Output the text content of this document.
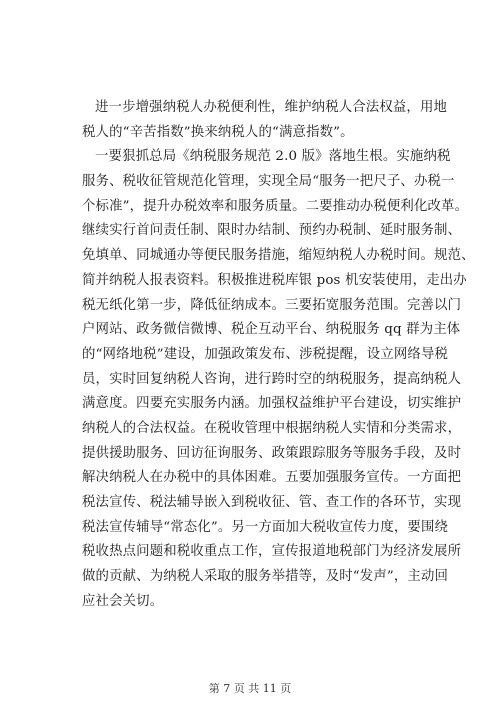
进一步增强纳税人办税便利性，维护纳税人合法权益，用地
税人的“辛苦指数”换来纳税人的“满意指数”。
一要狠抓总局《纳税服务规范 2.0 版》落地生根。实施纳税
服务、税收征管规范化管理，实现全局“服务一把尺子、办税一
个标准”，提升办税效率和服务质量。二要推动办税便利化改革。
继续实行首问责任制、限时办结制、预约办税制、延时服务制、
免填单、同城通办等便民服务措施，缩短纳税人办税时间。规范、
简并纳税人报表资料。积极推进税库银 pos 机安装使用，走出办
税无纸化第一步，降低征纳成本。三要拓宽服务范围。完善以门
户网站、政务微信微博、税企互动平台、纳税服务 qq 群为主体
的“网络地税”建设，加强政策发布、涉税提醒，设立网络导税
员，实时回复纳税人咨询，进行跨时空的纳税服务，提高纳税人
满意度。四要充实服务内涵。加强权益维护平台建设，切实维护
纳税人的合法权益。在税收管理中根据纳税人实情和分类需求，
提供援助服务、回访征询服务、政策跟踪服务等服务手段，及时
解决纳税人在办税中的具体困难。五要加强服务宣传。一方面把
税法宣传、税法辅导嵌入到税收征、管、查工作的各环节，实现
税法宣传辅导“常态化”。另一方面加大税收宣传力度，要围绕
税收热点问题和税收重点工作，宣传报道地税部门为经济发展所
做的贡献、为纳税人采取的服务举措等，及时“发声”，主动回
应社会关切。
第 7 页 共 11 页
